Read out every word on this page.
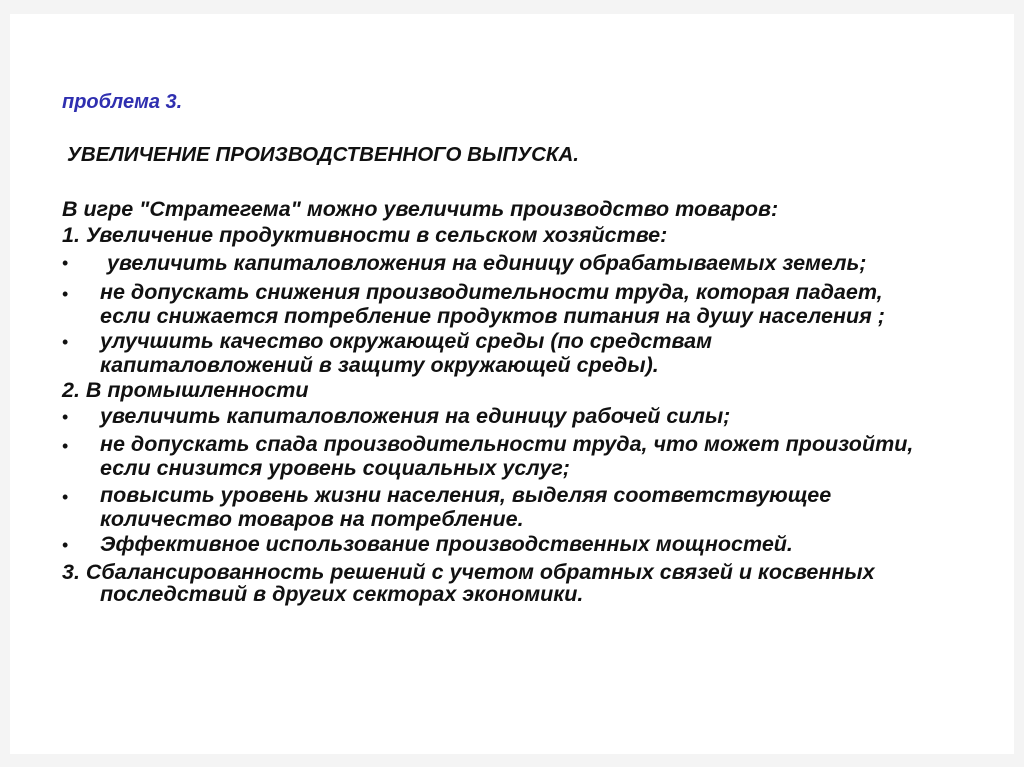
проблема 3.
УВЕЛИЧЕНИЕ ПРОИЗВОДСТВЕННОГО ВЫПУСКА.
В игре "Стратегема" можно увеличить производство товаров:
1. Увеличение продуктивности в сельском хозяйстве:
• увеличить капиталовложения на единицу обрабатываемых земель;
• не допускать снижения производительности труда, которая падает,
если снижается потребление продуктов питания на душу населения ;
• улучшить качество окружающей среды (по средствам
капиталовложений в защиту окружающей среды).
2. В промышленности
• увеличить капиталовложения на единицу рабочей силы;
• не допускать спада производительности труда, что может произойти,
если снизится уровень социальных услуг;
• повысить уровень жизни населения, выделяя соответствующее
количество товаров на потребление.
• Эффективное использование производственных мощностей.
3. Сбалансированность решений с учетом обратных связей и косвенных
последствий в других секторах экономики.
